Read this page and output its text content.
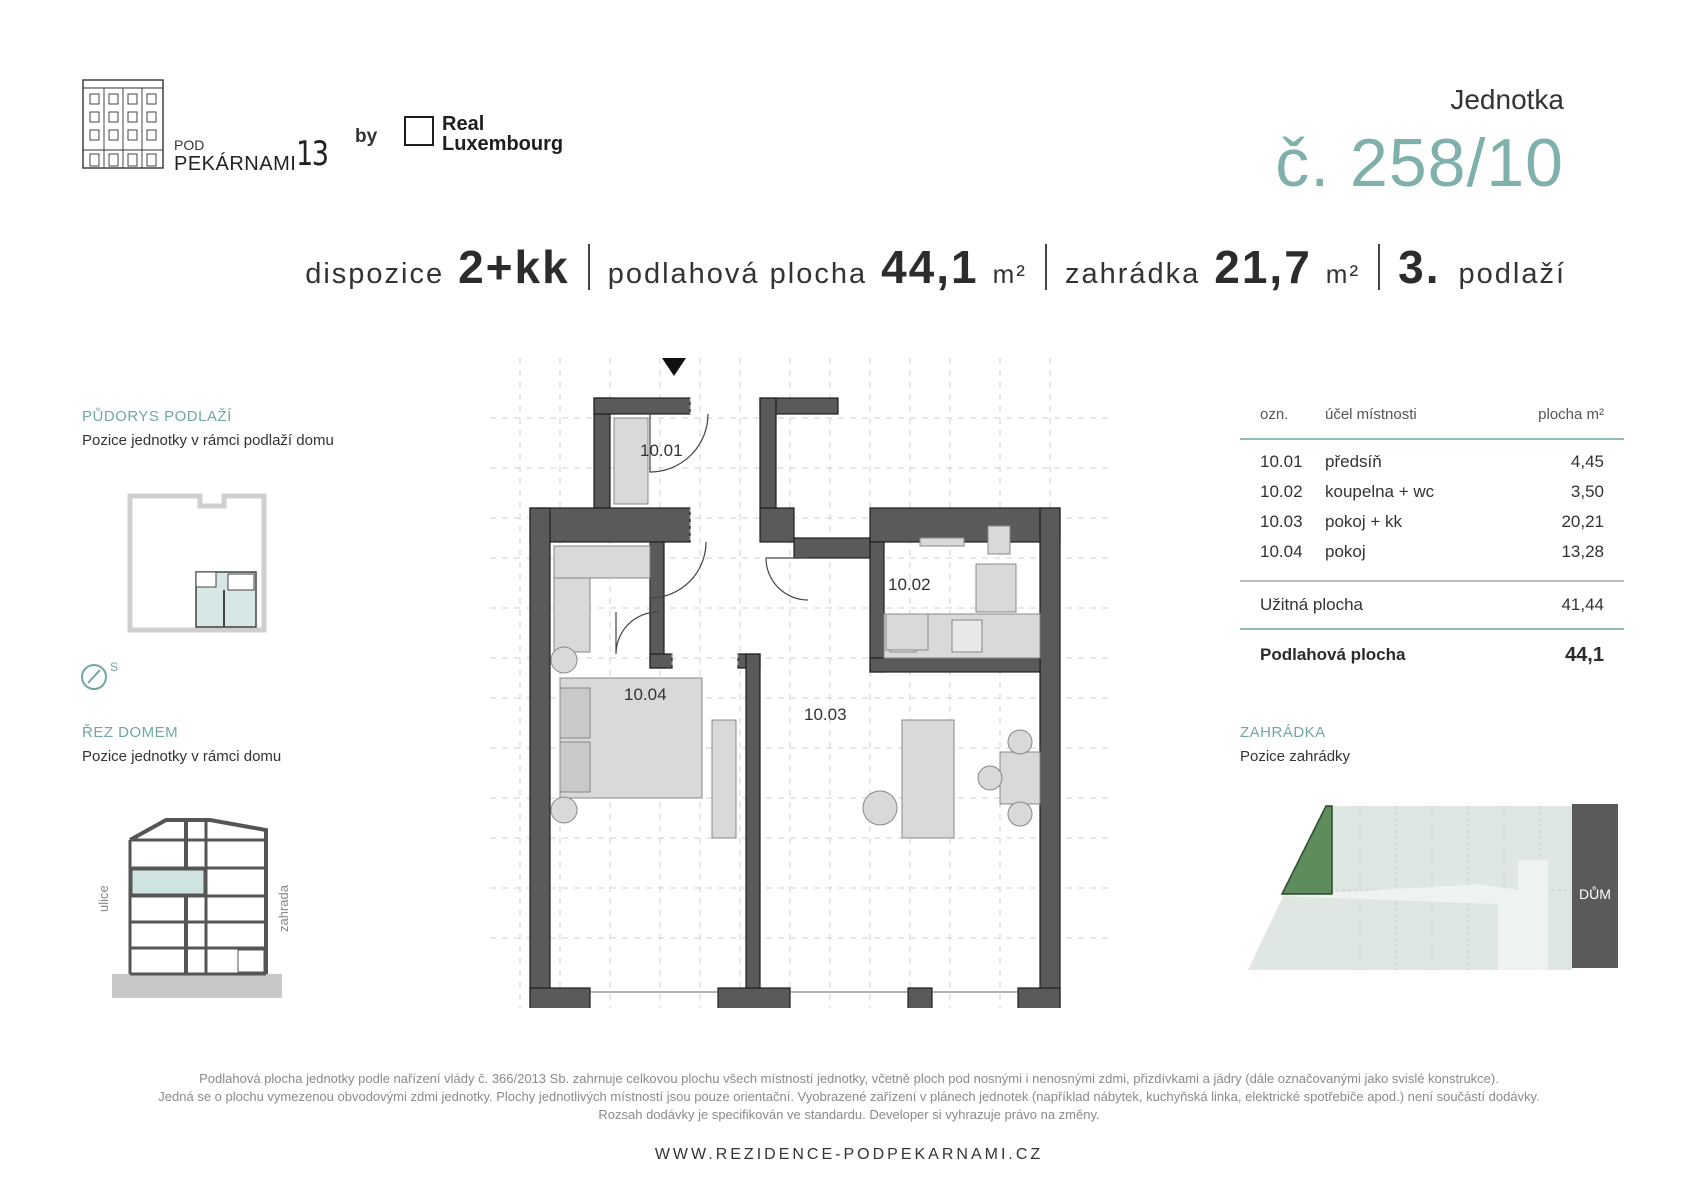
POD
PEKÁRNAMI 13 by
Real
Luxembourg
Jednotka
č. 258/10
dispozice 2+kk podlahová plocha 44,1 m² zahrádka 21,7 m² 3. podlaží
PŮDORYS PODLAŽÍ
Pozice jednotky v rámci podlaží domu
S
ŘEZ DOMEM
Pozice jednotky v rámci domu
ulice	zahrada
10.01
10.02
10.03
10.04
ozn. účel místnosti	plocha m²
10.01 předsíň	4,45
10.02 koupelna + wc	3,50
10.03 pokoj + kk	20,21
10.04 pokoj	13,28
Užitná plocha	41,44
Podlahová plocha	44,1
ZAHRÁDKA
Pozice zahrádky
DŮM
Podlahová plocha jednotky podle nařízení vlády č. 366/2013 Sb. zahrnuje celkovou plochu všech místností jednotky, včetně ploch pod nosnými i nenosnými zdmi, přizdívkami a jádry (dále označovanými jako svislé konstrukce).
Jedná se o plochu vymezenou obvodovými zdmi jednotky. Plochy jednotlivých místností jsou pouze orientační. Vyobrazené zařízení v plánech jednotek (například nábytek, kuchyňská linka, elektrické spotřebiče apod.) není součástí dodávky.
Rozsah dodávky je specifikován ve standardu. Developer si vyhrazuje právo na změny.
WWW.REZIDENCE-PODPEKARNAMI.CZ
